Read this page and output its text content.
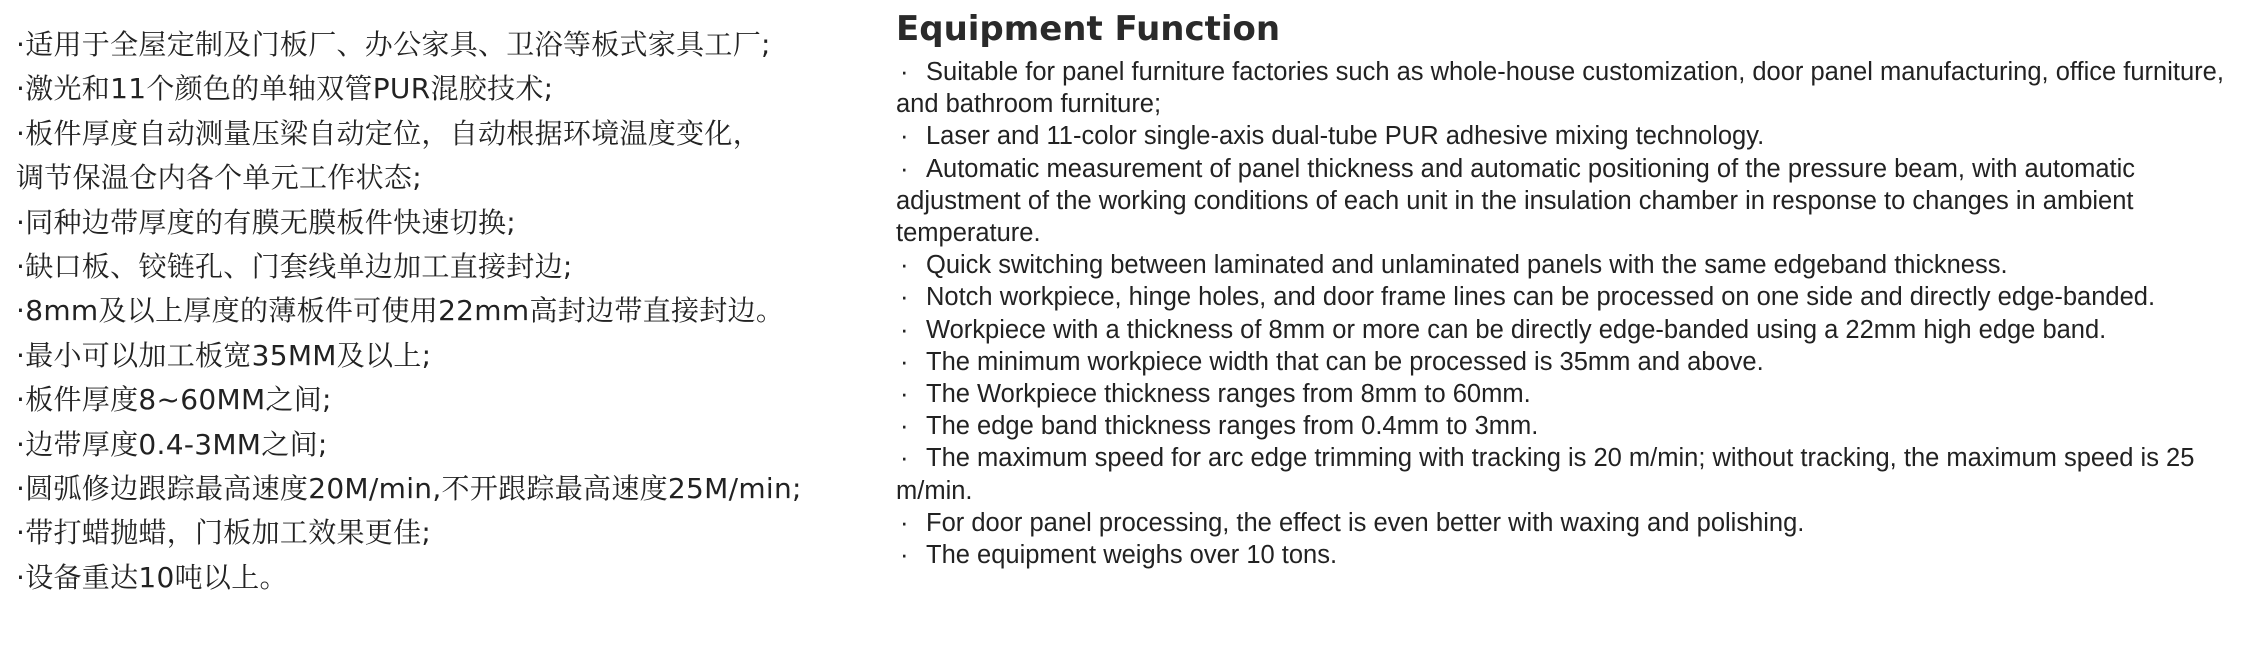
·适用于全屋定制及门板厂、办公家具、卫浴等板式家具工厂;
·激光和11个颜色的单轴双管PUR混胶技术;
·板件厚度自动测量压梁自动定位，自动根据环境温度变化，
调节保温仓内各个单元工作状态;
·同种边带厚度的有膜无膜板件快速切换;
·缺口板、铰链孔、门套线单边加工直接封边;
·8mm及以上厚度的薄板件可使用22mm高封边带直接封边。
·最小可以加工板宽35MM及以上;
·板件厚度8~60MM之间;
·边带厚度0.4-3MM之间;
·圆弧修边跟踪最高速度20M/min,不开跟踪最高速度25M/min;
·带打蜡抛蜡，门板加工效果更佳;
·设备重达10吨以上。
Equipment Function
· Suitable for panel furniture factories such as whole-house customization, door panel manufacturing, office furniture, and bathroom furniture;
· Laser and 11-color single-axis dual-tube PUR adhesive mixing technology.
· Automatic measurement of panel thickness and automatic positioning of the pressure beam, with automatic adjustment of the working conditions of each unit in the insulation chamber in response to changes in ambient temperature.
· Quick switching between laminated and unlaminated panels with the same edgeband thickness.
· Notch workpiece, hinge holes, and door frame lines can be processed on one side and directly edge-banded.
· Workpiece with a thickness of 8mm or more can be directly edge-banded using a 22mm high edge band.
· The minimum workpiece width that can be processed is 35mm and above.
· The Workpiece thickness ranges from 8mm to 60mm.
· The edge band thickness ranges from 0.4mm to 3mm.
· The maximum speed for arc edge trimming with tracking is 20 m/min; without tracking, the maximum speed is 25 m/min.
· For door panel processing, the effect is even better with waxing and polishing.
· The equipment weighs over 10 tons.
